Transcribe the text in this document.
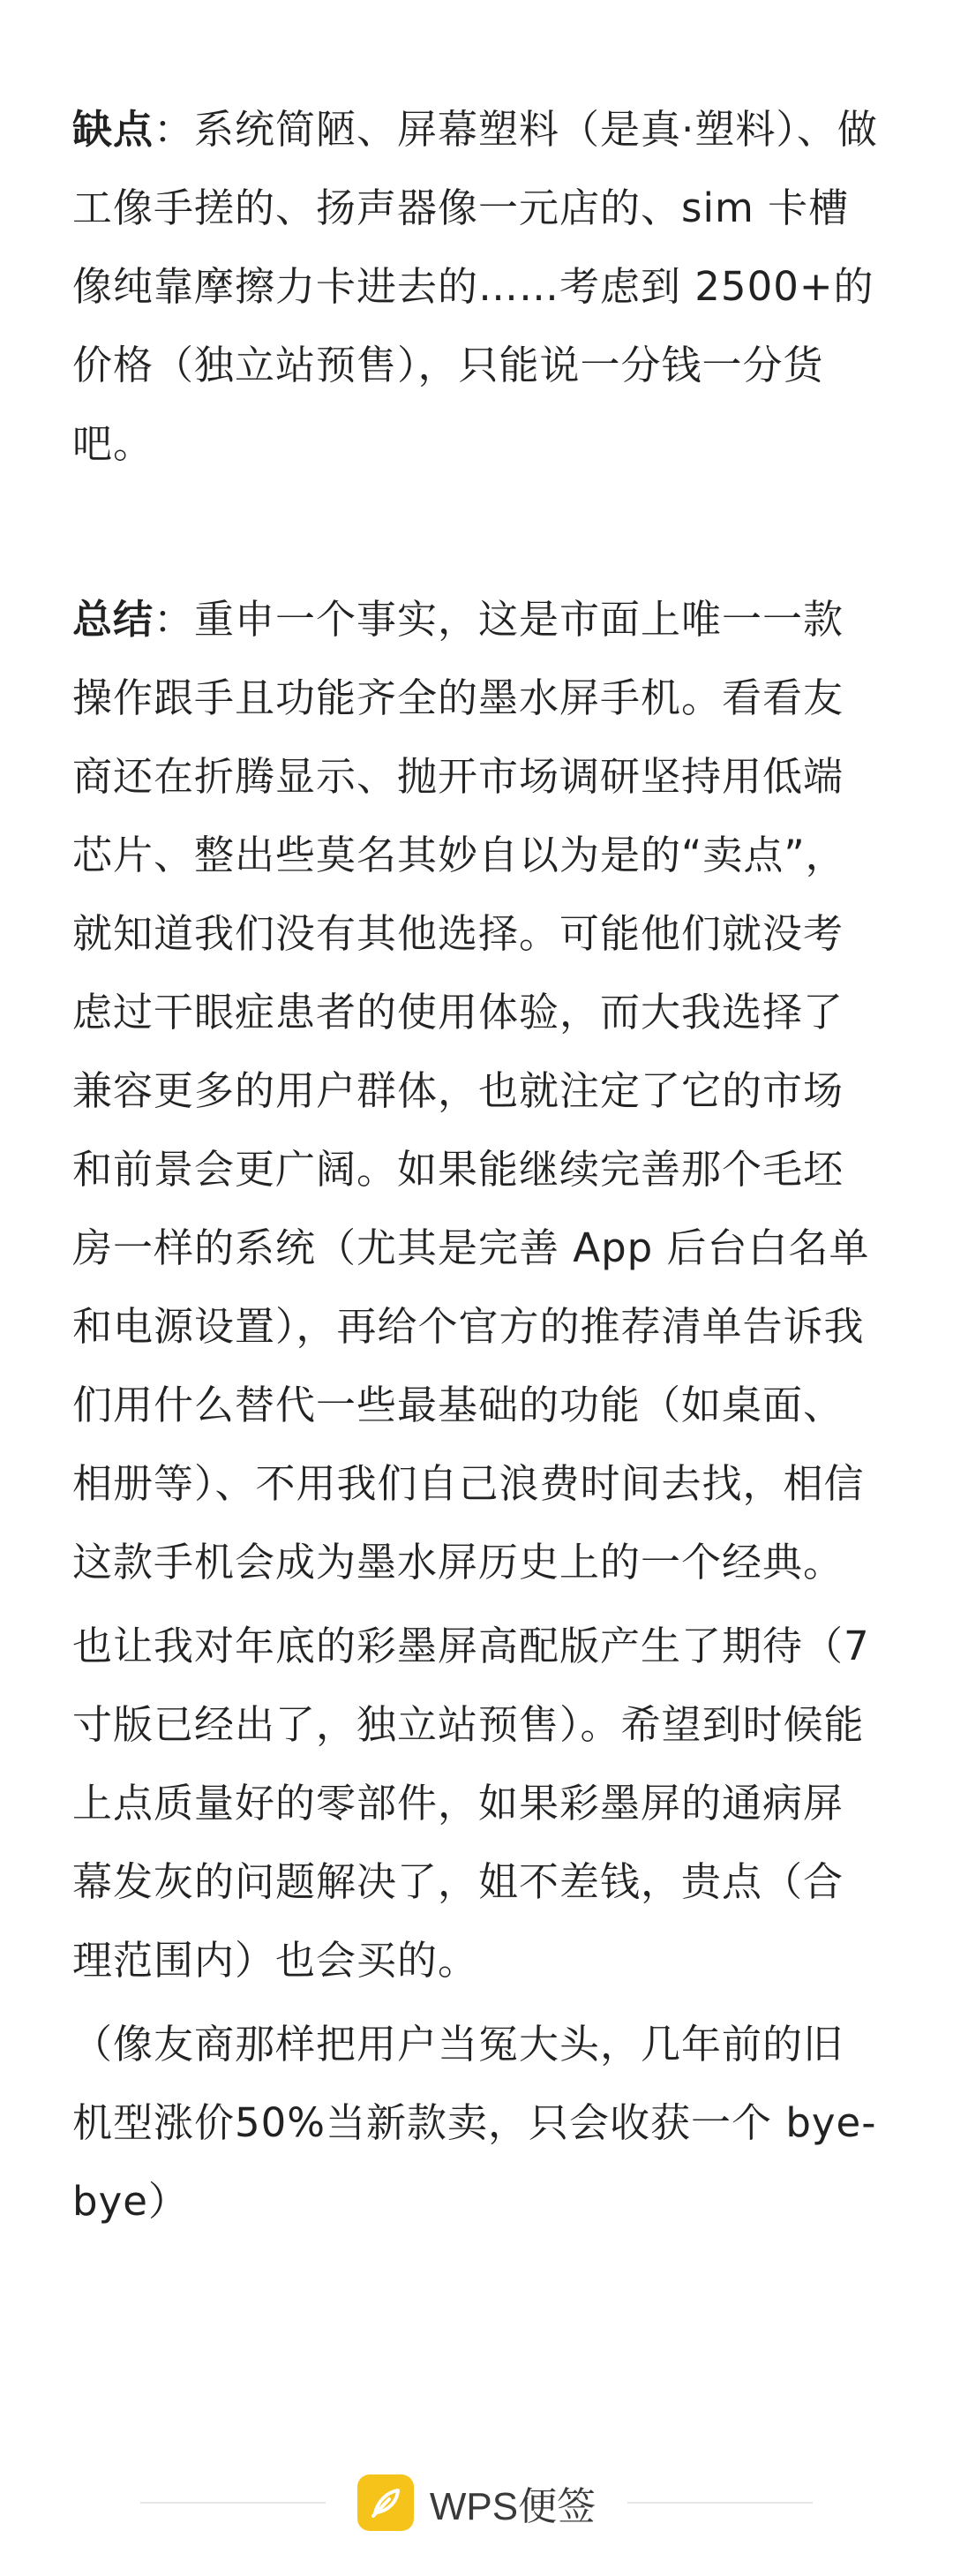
缺点：系统简陋、屏幕塑料（是真·塑料）、做工像手搓的、扬声器像一元店的、sim 卡槽像纯靠摩擦力卡进去的……考虑到 2500+的价格（独立站预售），只能说一分钱一分货吧。

总结：重申一个事实，这是市面上唯一一款操作跟手且功能齐全的墨水屏手机。看看友商还在折腾显示、抛开市场调研坚持用低端芯片、整出些莫名其妙自以为是的“卖点”，就知道我们没有其他选择。可能他们就没考虑过干眼症患者的使用体验，而大我选择了兼容更多的用户群体，也就注定了它的市场和前景会更广阔。如果能继续完善那个毛坯房一样的系统（尤其是完善 App 后台白名单和电源设置），再给个官方的推荐清单告诉我们用什么替代一些最基础的功能（如桌面、相册等）、不用我们自己浪费时间去找，相信这款手机会成为墨水屏历史上的一个经典。

也让我对年底的彩墨屏高配版产生了期待（7 寸版已经出了，独立站预售）。希望到时候能上点质量好的零部件，如果彩墨屏的通病屏幕发灰的问题解决了，姐不差钱，贵点（合理范围内）也会买的。

（像友商那样把用户当冤大头，几年前的旧机型涨价50%当新款卖，只会收获一个 bye-bye）

WPS便签
